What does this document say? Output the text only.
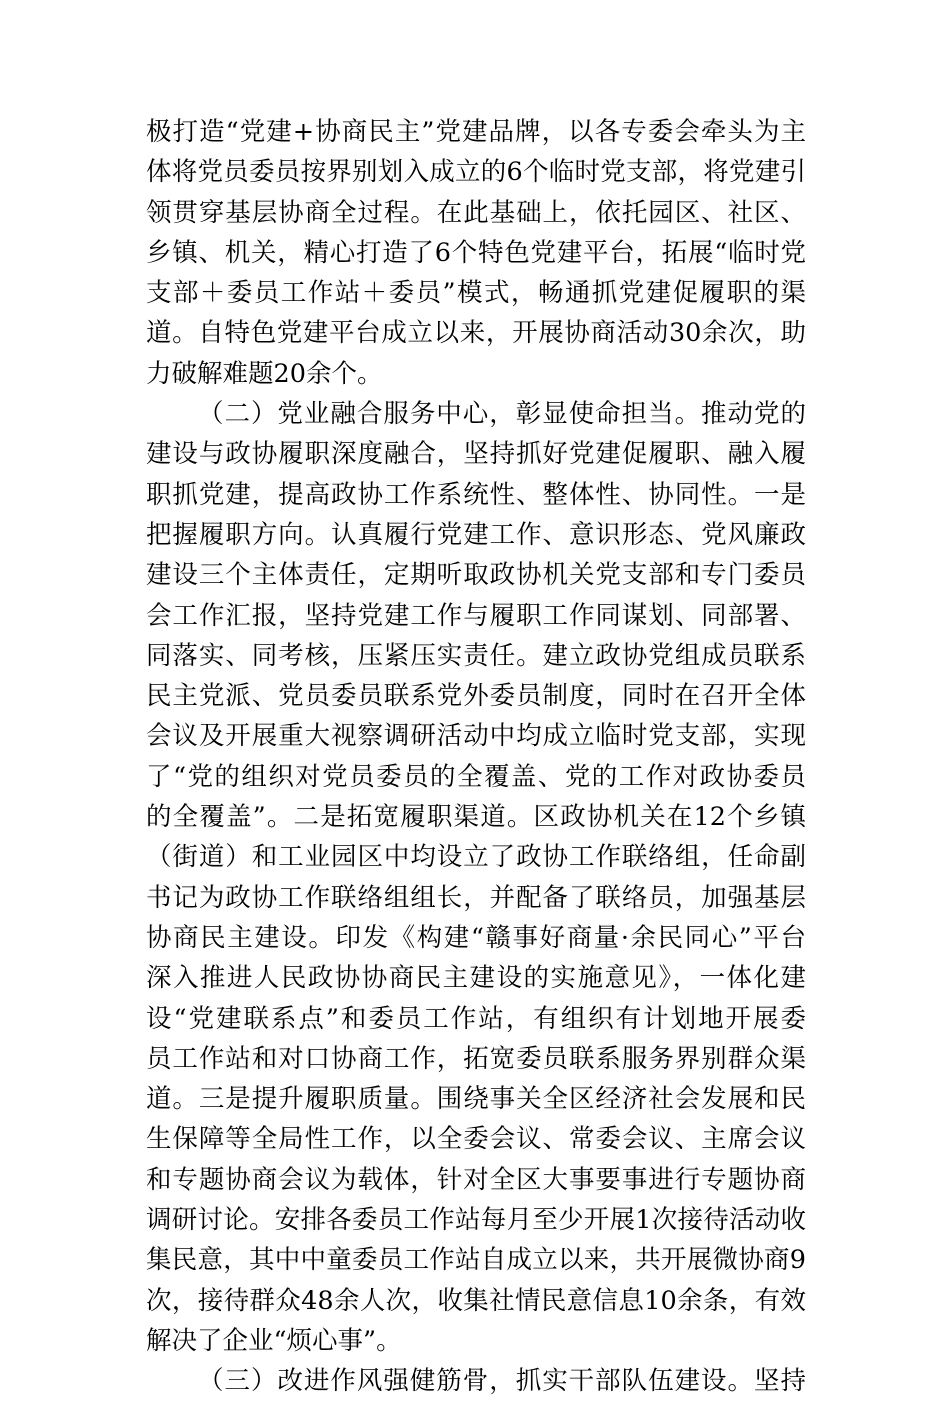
极打造“党建+协商民主”党建品牌，以各专委会牵头为主
体将党员委员按界别划入成立的6个临时党支部，将党建引
领贯穿基层协商全过程。在此基础上，依托园区、社区、
乡镇、机关，精心打造了6个特色党建平台，拓展“临时党
支部＋委员工作站＋委员”模式，畅通抓党建促履职的渠
道。自特色党建平台成立以来，开展协商活动30余次，助
力破解难题20余个。
（二）党业融合服务中心，彰显使命担当。推动党的
建设与政协履职深度融合，坚持抓好党建促履职、融入履
职抓党建，提高政协工作系统性、整体性、协同性。一是
把握履职方向。认真履行党建工作、意识形态、党风廉政
建设三个主体责任，定期听取政协机关党支部和专门委员
会工作汇报，坚持党建工作与履职工作同谋划、同部署、
同落实、同考核，压紧压实责任。建立政协党组成员联系
民主党派、党员委员联系党外委员制度，同时在召开全体
会议及开展重大视察调研活动中均成立临时党支部，实现
了“党的组织对党员委员的全覆盖、党的工作对政协委员
的全覆盖”。二是拓宽履职渠道。区政协机关在12个乡镇
（街道）和工业园区中均设立了政协工作联络组，任命副
书记为政协工作联络组组长，并配备了联络员，加强基层
协商民主建设。印发《构建“赣事好商量·余民同心”平台
深入推进人民政协协商民主建设的实施意见》，一体化建
设“党建联系点”和委员工作站，有组织有计划地开展委
员工作站和对口协商工作，拓宽委员联系服务界别群众渠
道。三是提升履职质量。围绕事关全区经济社会发展和民
生保障等全局性工作，以全委会议、常委会议、主席会议
和专题协商会议为载体，针对全区大事要事进行专题协商
调研讨论。安排各委员工作站每月至少开展1次接待活动收
集民意，其中中童委员工作站自成立以来，共开展微协商9
次，接待群众48余人次，收集社情民意信息10余条，有效
解决了企业“烦心事”。
（三）改进作风强健筋骨，抓实干部队伍建设。坚持
